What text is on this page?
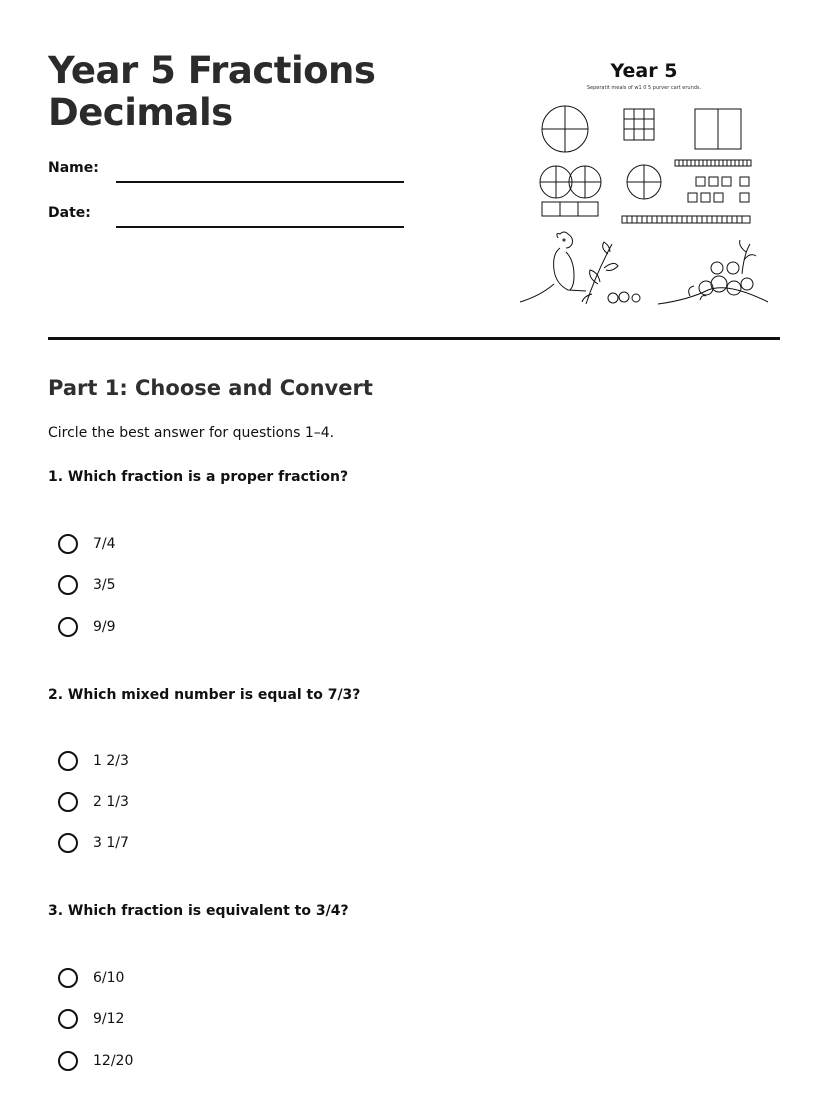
Year 5 Fractions
Decimals
Name:
Date:
Year 5
Seperatit meals of w1 0 5 purver cart erunds.
Part 1: Choose and Convert
Circle the best answer for questions 1–4.
1. Which fraction is a proper fraction?
7/4
3/5
9/9
2. Which mixed number is equal to 7/3?
1 2/3
2 1/3
3 1/7
3. Which fraction is equivalent to 3/4?
6/10
9/12
12/20
